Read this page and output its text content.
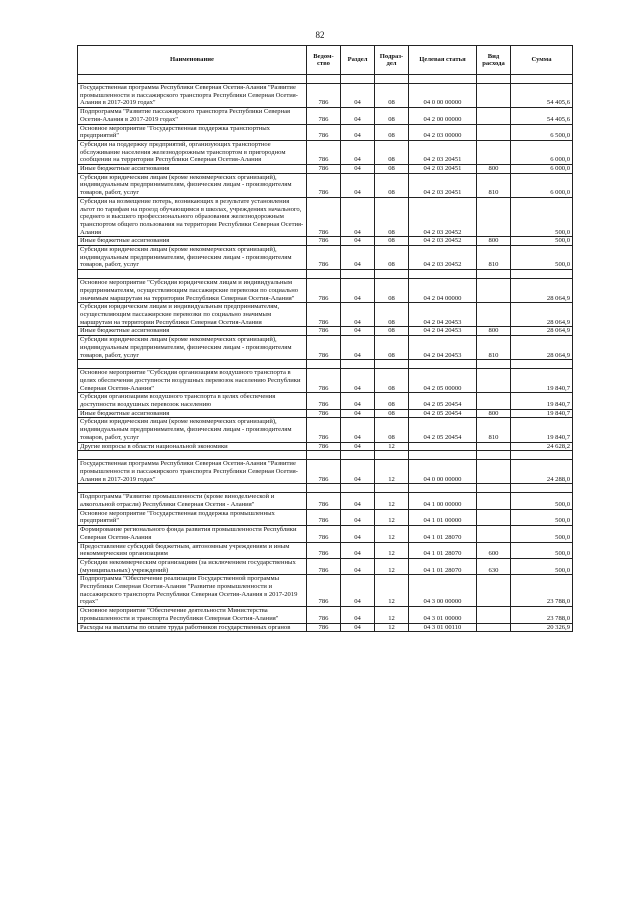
82
Наименование	Ведом-ство	Раздел	Подраз-дел	Целевая статья	Вид расхода	Сумма

Государственная программа Республики Северная Осетия-Алания "Развитие промышленности и пассажирского транспорта Республики Северная Осетия-Алания в 2017-2019 годах"	786	04	08	04 0 00 00000		54 405,6
Подпрограмма "Развитие пассажирского транспорта Республики Северная Осетия-Алания в 2017-2019 годах"	786	04	08	04 2 00 00000		54 405,6
Основное мероприятие "Государственная поддержка транспортных предприятий"	786	04	08	04 2 03 00000		6 500,0
Субсидия на поддержку предприятий, организующих транспортное обслуживание населения железнодорожным транспортом в пригородном сообщении на территории Республики Северная Осетия-Алания	786	04	08	04 2 03 20451		6 000,0
Иные бюджетные ассигнования	786	04	08	04 2 03 20451	800	6 000,0
Субсидии юридическим лицам (кроме некоммерческих организаций), индивидуальным предпринимателям, физическим лицам - производителям товаров, работ, услуг	786	04	08	04 2 03 20451	810	6 000,0
Субсидия на возмещение потерь, возникающих в результате установления льгот по тарифам на проезд обучающимся в школах, учреждениях начального, среднего и высшего профессионального образования железнодорожным транспортом общего пользования на территории Республики Северная Осетия-Алания	786	04	08	04 2 03 20452		500,0
Иные бюджетные ассигнования	786	04	08	04 2 03 20452	800	500,0
Субсидии юридическим лицам (кроме некоммерческих организаций), индивидуальным предпринимателям, физическим лицам - производителям товаров, работ, услуг	786	04	08	04 2 03 20452	810	500,0

Основное мероприятие "Субсидия юридическим лицам и индивидуальным предпринимателям, осуществляющим пассажирские перевозки по социально значимым маршрутам на территории Республики Северная Осетия-Алания"	786	04	08	04 2 04 00000		28 064,9
Субсидия юридическим лицам и индивидуальным предпринимателям, осуществляющим пассажирские перевозки по социально значимым маршрутам на территории Республики Северная Осетия-Алания	786	04	08	04 2 04 20453		28 064,9
Иные бюджетные ассигнования	786	04	08	04 2 04 20453	800	28 064,9
Субсидии юридическим лицам (кроме некоммерческих организаций), индивидуальным предпринимателям, физическим лицам - производителям товаров, работ, услуг	786	04	08	04 2 04 20453	810	28 064,9

Основное мероприятие "Субсидия организациям воздушного транспорта в целях обеспечения доступности воздушных перевозок населению Республики Северная Осетия-Алания"	786	04	08	04 2 05 00000		19 840,7
Субсидия организациям воздушного транспорта в целях обеспечения доступности воздушных перевозок населению	786	04	08	04 2 05 20454		19 840,7
Иные бюджетные ассигнования	786	04	08	04 2 05 20454	800	19 840,7
Субсидии юридическим лицам (кроме некоммерческих организаций), индивидуальным предпринимателям, физическим лицам - производителям товаров, работ, услуг	786	04	08	04 2 05 20454	810	19 840,7
Другие вопросы в области национальной экономики	786	04	12			24 628,2

Государственная программа Республики Северная Осетия-Алания "Развитие промышленности и пассажирского транспорта Республики Северная Осетия-Алания в 2017-2019 годах"	786	04	12	04 0 00 00000		24 288,0

Подпрограмма "Развитие промышленности (кроме винодельческой и алкогольной отрасли) Республики Северная Осетия - Алания"	786	04	12	04 1 00 00000		500,0
Основное мероприятие "Государственная поддержка промышленных предприятий"	786	04	12	04 1 01 00000		500,0
Формирование регионального фонда развития промышленности Республики Северная Осетия-Алания	786	04	12	04 1 01 28070		500,0
Предоставление субсидий бюджетным, автономным учреждениям и иным некоммерческим организациям	786	04	12	04 1 01 28070	600	500,0
Субсидии некоммерческим организациям (за исключением государственных (муниципальных) учреждений)	786	04	12	04 1 01 28070	630	500,0
Подпрограмма "Обеспечение реализации Государственной программы Республики Северная Осетия-Алания "Развитие промышленности и пассажирского транспорта Республики Северная Осетия-Алания в 2017-2019 годах"	786	04	12	04 3 00 00000		23 788,0
Основное мероприятие "Обеспечение деятельности Министерства промышленности и транспорта Республики Северная Осетия-Алания"	786	04	12	04 3 01 00000		23 788,0
Расходы на выплаты по оплате труда работников государственных органов	786	04	12	04 3 01 00110		20 326,9
